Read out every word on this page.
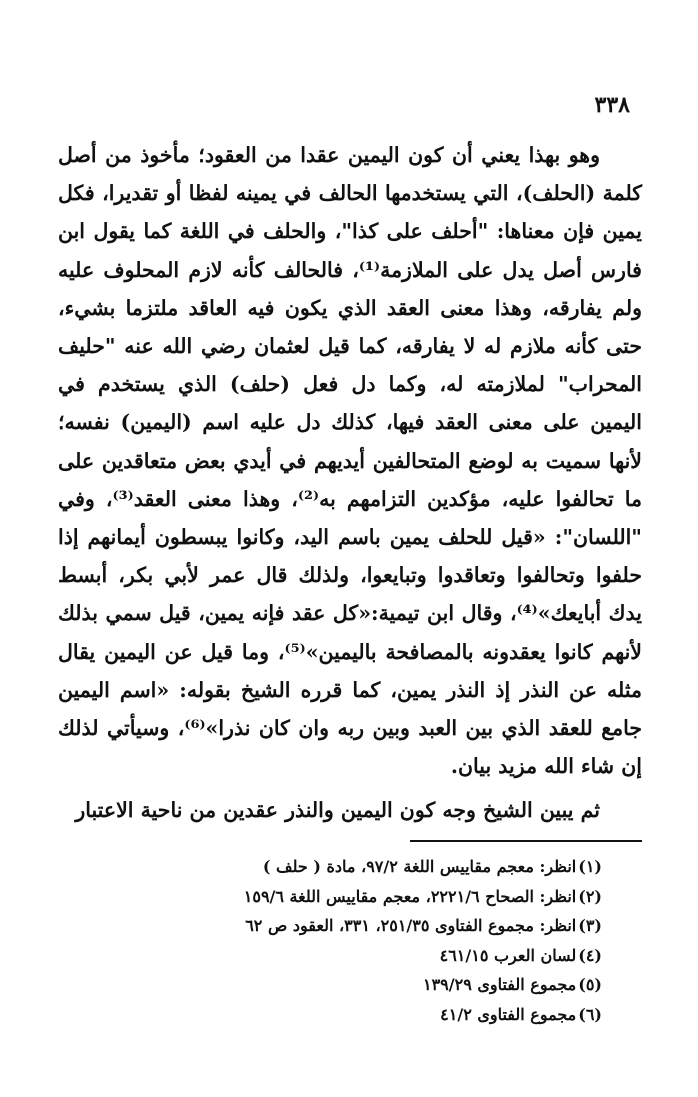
٣٣٨

وهو بهذا يعني أن كون اليمين عقدا من العقود؛ مأخوذ من أصل كلمة (الحلف)، التي يستخدمها الحالف في يمينه لفظا أو تقديرا، فكل يمين فإن معناها: "أحلف على كذا"، والحلف في اللغة كما يقول ابن فارس أصل يدل على الملازمة⁽¹⁾، فالحالف كأنه لازم المحلوف عليه ولم يفارقه، وهذا معنى العقد الذي يكون فيه العاقد ملتزما بشيء، حتى كأنه ملازم له لا يفارقه، كما قيل لعثمان رضي الله عنه "حليف المحراب" لملازمته له، وكما دل فعل (حلف) الذي يستخدم في اليمين على معنى العقد فيها، كذلك دل عليه اسم (اليمين) نفسه؛ لأنها سميت به لوضع المتحالفين أيديهم في أيدي بعض متعاقدين على ما تحالفوا عليه، مؤكدين التزامهم به⁽²⁾، وهذا معنى العقد⁽³⁾، وفي "اللسان": «قيل للحلف يمين باسم اليد، وكانوا يبسطون أيمانهم إذا حلفوا وتحالفوا وتعاقدوا وتبايعوا، ولذلك قال عمر لأبي بكر، أبسط يدك أبايعك»⁽⁴⁾، وقال ابن تيمية:«كل عقد فإنه يمين، قيل سمي بذلك لأنهم كانوا يعقدونه بالمصافحة باليمين»⁽⁵⁾، وما قيل عن اليمين يقال مثله عن النذر إذ النذر يمين، كما قرره الشيخ بقوله: «اسم اليمين جامع للعقد الذي بين العبد وبين ربه وان كان نذرا»⁽⁶⁾، وسيأتي لذلك إن شاء الله مزيد بيان.

ثم يبين الشيخ وجه كون اليمين والنذر عقدين من ناحية الاعتبار

(١)انظر: معجم مقاييس اللغة ٩٧/٢، مادة ( حلف )
(٢)انظر: الصحاح ٢٢٢١/٦، معجم مقاييس اللغة ١٥٩/٦
(٣)انظر: مجموع الفتاوى ٢٥١/٣٥، ٣٣١، العقود ص ٦٢
(٤)لسان العرب ٤٦١/١٥
(٥)مجموع الفتاوى ١٣٩/٢٩
(٦)مجموع الفتاوى ٤١/٢
